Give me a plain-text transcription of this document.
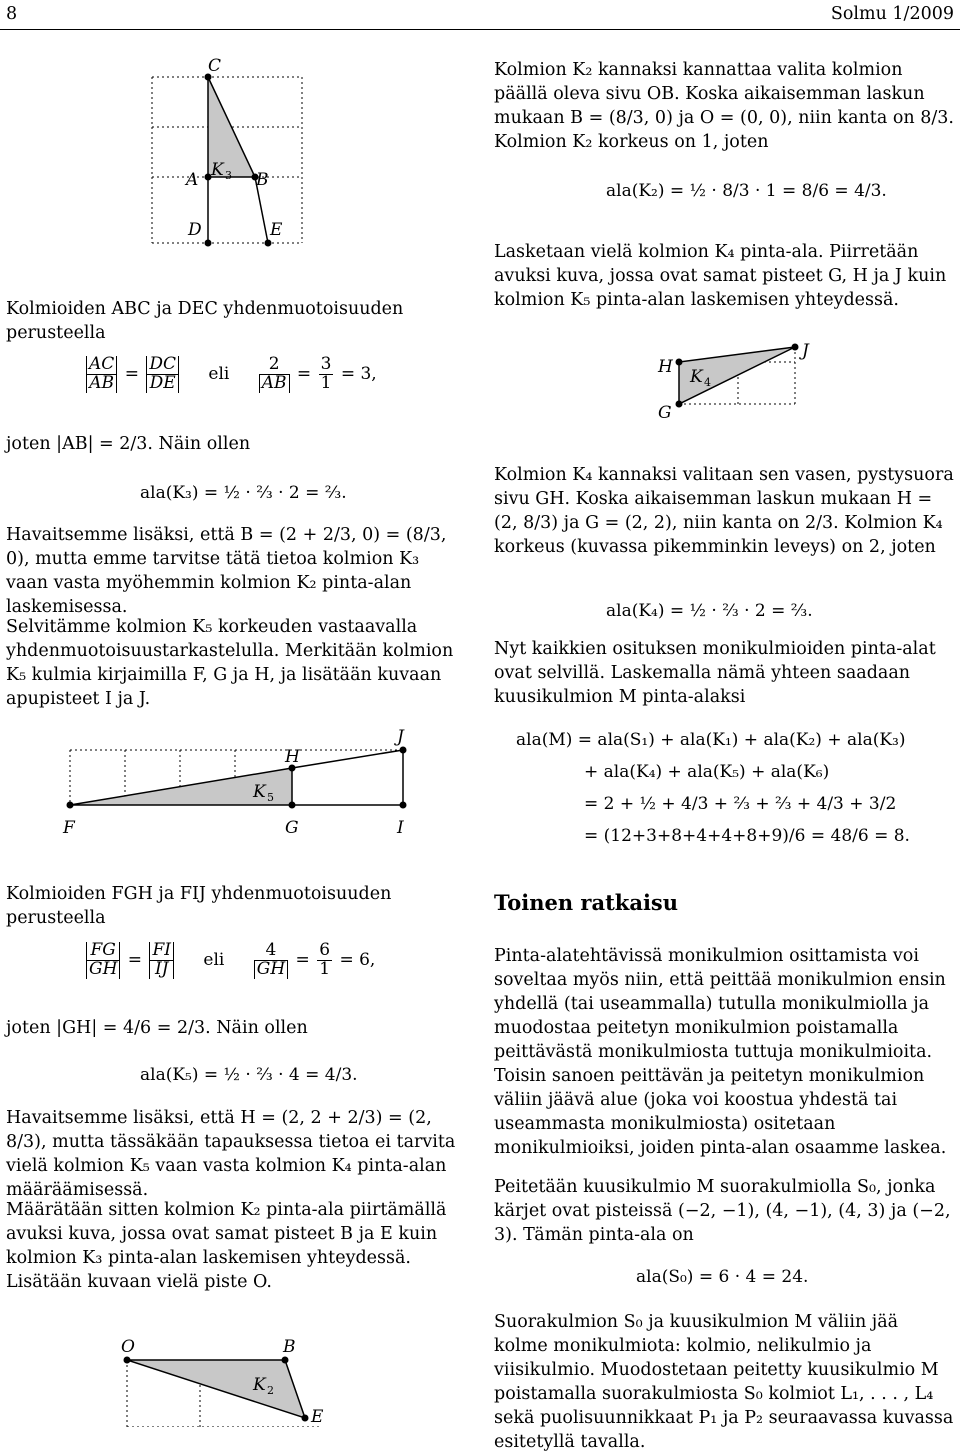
8	Solmu 1/2009
C
A K 3 B
D	E
Kolmioiden ABC ja DEC yhdenmuotoisuuden perusteella
$\frac{AC}{AB} = \frac{DC}{DE}$ eli $\frac{2}{AB} = \frac{3}{1} = 3$,
joten |AB| = 2/3. Näin ollen
ala(K₃) = ½ · ⅔ · 2 = ⅔.
Havaitsemme lisäksi, että B = (2 + 2/3, 0) = (8/3, 0), mutta emme tarvitse tätä tietoa kolmion K₃ vaan vasta myöhemmin kolmion K₂ pinta-alan laskemisessa.
Selvitämme kolmion K₅ korkeuden vastaavalla yhdenmuotoisuustarkastelulla. Merkitään kolmion K₅ kulmia kirjaimilla F, G ja H, ja lisätään kuvaan apupisteet I ja J.
F	G
H
I
J
K 5
Kolmioiden FGH ja FIJ yhdenmuotoisuuden perusteella
$\frac{FG}{GH} = \frac{FI}{IJ}$ eli $\frac{4}{GH} = \frac{6}{1} = 6$,
joten |GH| = 4/6 = 2/3. Näin ollen
ala(K₅) = ½ · ⅔ · 4 = 4/3.
Havaitsemme lisäksi, että H = (2, 2 + 2/3) = (2, 8/3), mutta tässäkään tapauksessa tietoa ei tarvita vielä kolmion K₅ vaan vasta kolmion K₄ pinta-alan määräämisessä.
Määrätään sitten kolmion K₂ pinta-ala piirtämällä avuksi kuva, jossa ovat samat pisteet B ja E kuin kolmion K₃ pinta-alan laskemisen yhteydessä. Lisätään kuvaan vielä piste O.
O	B
K 2
E
Kolmion K₂ kannaksi kannattaa valita kolmion päällä oleva sivu OB. Koska aikaisemman laskun mukaan B = (8/3, 0) ja O = (0, 0), niin kanta on 8/3. Kolmion K₂ korkeus on 1, joten
ala(K₂) = ½ · 8/3 · 1 = 8/6 = 4/3.
Lasketaan vielä kolmion K₄ pinta-ala. Piirretään avuksi kuva, jossa ovat samat pisteet G, H ja J kuin kolmion K₅ pinta-alan laskemisen yhteydessä.
H
G
J
K 4
Kolmion K₄ kannaksi valitaan sen vasen, pystysuora sivu GH. Koska aikaisemman laskun mukaan H = (2, 8/3) ja G = (2, 2), niin kanta on 2/3. Kolmion K₄ korkeus (kuvassa pikemminkin leveys) on 2, joten
ala(K₄) = ½ · ⅔ · 2 = ⅔.
Nyt kaikkien osituksen monikulmioiden pinta-alat ovat selvillä. Laskemalla nämä yhteen saadaan kuusikulmion M pinta-alaksi
ala(M) = ala(S₁) + ala(K₁) + ala(K₂) + ala(K₃)
+ ala(K₄) + ala(K₅) + ala(K₆)
= 2 + ½ + 4/3 + ⅔ + ⅔ + 4/3 + 3/2
= (12+3+8+4+4+8+9)/6 = 48/6 = 8.
Toinen ratkaisu
Pinta-alatehtävissä monikulmion osittamista voi soveltaa myös niin, että peittää monikulmion ensin yhdellä (tai useammalla) tutulla monikulmiolla ja muodostaa peitetyn monikulmion poistamalla peittävästä monikulmiosta tuttuja monikulmioita. Toisin sanoen peittävän ja peitetyn monikulmion väliin jäävä alue (joka voi koostua yhdestä tai useammasta monikulmiosta) ositetaan monikulmioiksi, joiden pinta-alan osaamme laskea.
Peitetään kuusikulmio M suorakulmiolla S₀, jonka kärjet ovat pisteissä (−2, −1), (4, −1), (4, 3) ja (−2, 3). Tämän pinta-ala on
ala(S₀) = 6 · 4 = 24.
Suorakulmion S₀ ja kuusikulmion M väliin jää kolme monikulmiota: kolmio, nelikulmio ja viisikulmio. Muodostetaan peitetty kuusikulmio M poistamalla suorakulmiosta S₀ kolmiot L₁, . . . , L₄ sekä puolisuunnikkaat P₁ ja P₂ seuraavassa kuvassa esitetyllä tavalla.
